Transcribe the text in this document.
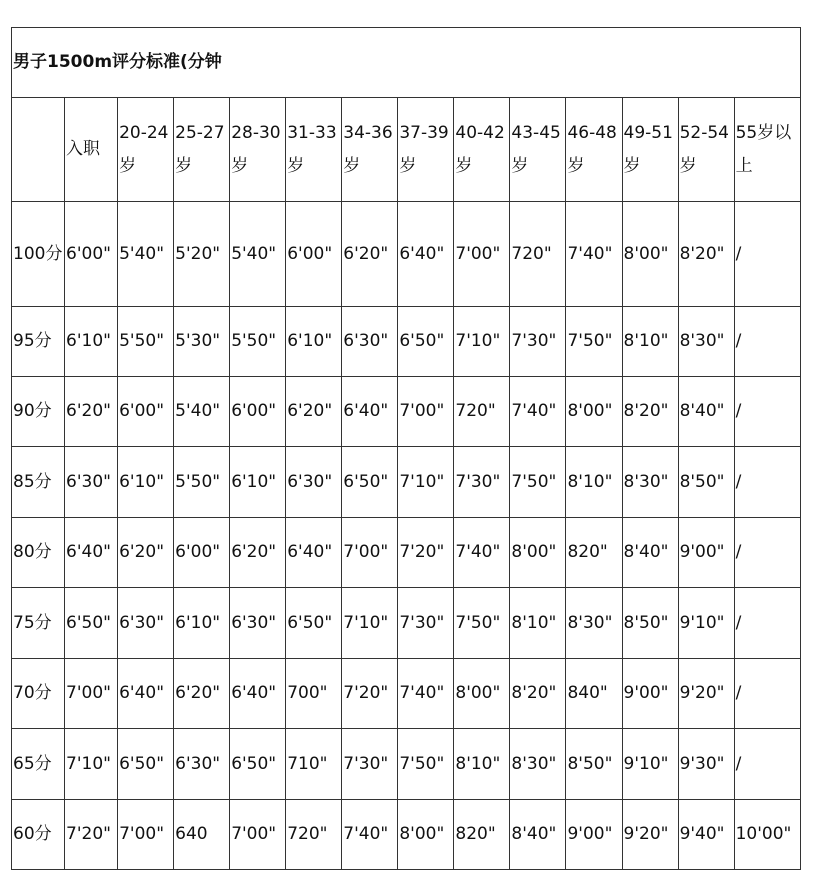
男子1500m评分标准(分钟													
	入职	20-24岁	25-27岁	28-30岁	31-33岁	34-36岁	37-39岁	40-42岁	43-45岁	46-48岁	49-51岁	52-54岁	55岁以上
100分	6'00"	5'40"	5'20"	5'40"	6'00"	6'20"	6'40"	7'00"	720"	7'40"	8'00"	8'20"	/
95分	6'10"	5'50"	5'30"	5'50"	6'10"	6'30"	6'50"	7'10"	7'30"	7'50"	8'10"	8'30"	/
90分	6'20"	6'00"	5'40"	6'00"	6'20"	6'40"	7'00"	720"	7'40"	8'00"	8'20"	8'40"	/
85分	6'30"	6'10"	5'50"	6'10"	6'30"	6'50"	7'10"	7'30"	7'50"	8'10"	8'30"	8'50"	/
80分	6'40"	6'20"	6'00"	6'20"	6'40"	7'00"	7'20"	7'40"	8'00"	820"	8'40"	9'00"	/
75分	6'50"	6'30"	6'10"	6'30"	6'50"	7'10"	7'30"	7'50"	8'10"	8'30"	8'50"	9'10"	/
70分	7'00"	6'40"	6'20"	6'40"	700"	7'20"	7'40"	8'00"	8'20"	840"	9'00"	9'20"	/
65分	7'10"	6'50"	6'30"	6'50"	710"	7'30"	7'50"	8'10"	8'30"	8'50"	9'10"	9'30"	/
60分	7'20"	7'00"	640	7'00"	720"	7'40"	8'00"	820"	8'40"	9'00"	9'20"	9'40"	10'00"
